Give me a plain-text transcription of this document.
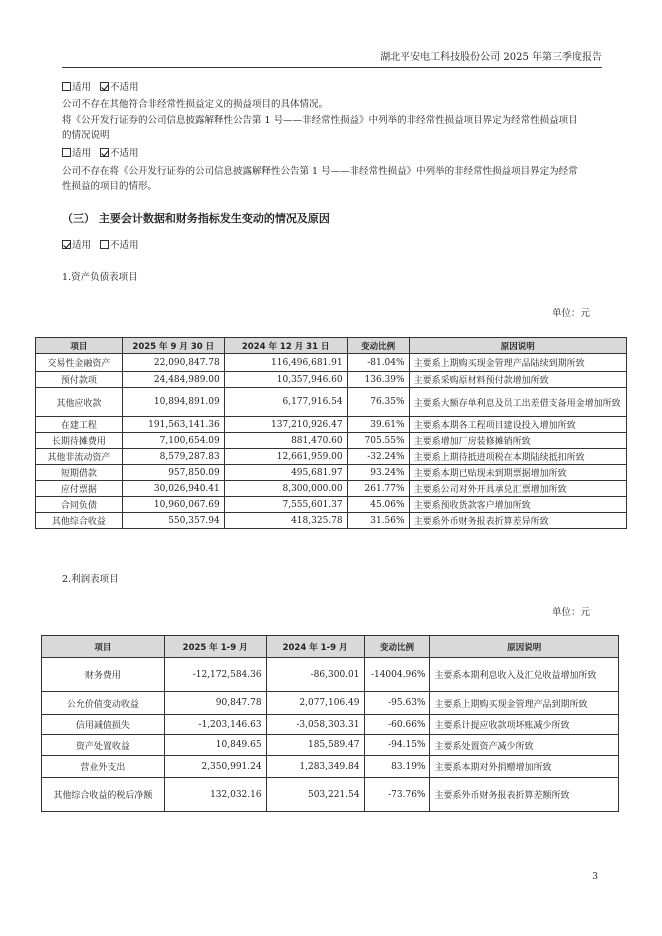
湖北平安电工科技股份公司 2025 年第三季度报告
适用 不适用
公司不存在其他符合非经常性损益定义的损益项目的具体情况。
将《公开发行证券的公司信息披露解释性公告第 1 号——非经常性损益》中列举的非经常性损益项目界定为经常性损益项目的情况说明
适用 不适用
公司不存在将《公开发行证券的公司信息披露解释性公告第 1 号——非经常性损益》中列举的非经常性损益项目界定为经常性损益的项目的情形。
（三） 主要会计数据和财务指标发生变动的情况及原因
适用 不适用
1.资产负债表项目
单位：元
项目	2025 年 9 月 30 日	2024 年 12 月 31 日	变动比例	原因说明
交易性金融资产	22,090,847.78	116,496,681.91	-81.04%	主要系上期购买现金管理产品陆续到期所致
预付款项	24,484,989.00	10,357,946.60	136.39%	主要系采购原材料预付款增加所致
其他应收款	10,894,891.09	6,177,916.54	76.35%	主要系大额存单利息及员工出差借支备用金增加所致
在建工程	191,563,141.36	137,210,926.47	39.61%	主要系本期各工程项目建设投入增加所致
长期待摊费用	7,100,654.09	881,470.60	705.55%	主要系增加厂房装修摊销所致
其他非流动资产	8,579,287.83	12,661,959.00	-32.24%	主要系上期待抵进项税在本期陆续抵扣所致
短期借款	957,850.09	495,681.97	93.24%	主要系本期已贴现未到期票据增加所致
应付票据	30,026,940.41	8,300,000.00	261.77%	主要系公司对外开具承兑汇票增加所致
合同负债	10,960,067.69	7,555,601.37	45.06%	主要系预收货款客户增加所致
其他综合收益	550,357.94	418,325.78	31.56%	主要系外币财务报表折算差异所致
2.利润表项目
单位：元
项目	2025 年 1-9 月	2024 年 1-9 月	变动比例	原因说明
财务费用	-12,172,584.36	-86,300.01	-14004.96%	主要系本期利息收入及汇兑收益增加所致
公允价值变动收益	90,847.78	2,077,106.49	-95.63%	主要系上期购买现金管理产品到期所致
信用减值损失	-1,203,146.63	-3,058,303.31	-60.66%	主要系计提应收款项坏账减少所致
资产处置收益	10,849.65	185,589.47	-94.15%	主要系处置资产减少所致
营业外支出	2,350,991.24	1,283,349.84	83.19%	主要系本期对外捐赠增加所致
其他综合收益的税后净额	132,032.16	503,221.54	-73.76%	主要系外币财务报表折算差额所致
3
